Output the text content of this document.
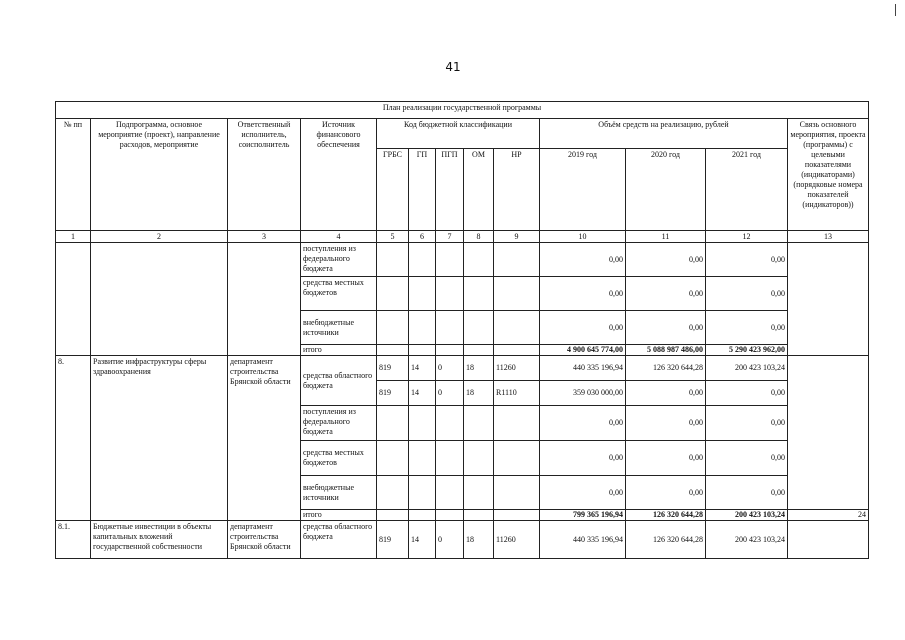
41
План реализации государственной программы												
№ пп	Подпрограмма, основное мероприятие (проект), направление расходов, мероприятие	Ответственный исполнитель, соисполнитель	Источник финансового обеспечения	Код бюджетной классификации					Объём средств на реализацию, рублей			Связь основного мероприятия, проекта (программы) с целевыми показателями (индикаторами) (порядковые номера показателей (индикаторов))
				ГРБС	ГП	ПГП	ОМ	НР	2019 год	2020 год	2021 год	
1	2	3	4	5	6	7	8	9	10	11	12	13
			поступления из федерального бюджета						0,00	0,00	0,00	
			средства местных бюджетов						0,00	0,00	0,00	
			внебюджетные источники						0,00	0,00	0,00	
			итого						4 900 645 774,00	5 088 987 486,00	5 290 423 962,00	
8.	Развитие инфраструктуры сферы здравоохранения	департамент строительства Брянской области	средства областного бюджета	819	14	0	18	11260	440 335 196,94	126 320 644,28	200 423 103,24	
				819	14	0	18	R1110	359 030 000,00	0,00	0,00	
			поступления из федерального бюджета						0,00	0,00	0,00	
			средства местных бюджетов						0,00	0,00	0,00	
			внебюджетные источники						0,00	0,00	0,00	
			итого						799 365 196,94	126 320 644,28	200 423 103,24	24
8.1.	Бюджетные инвестиции в объекты капитальных вложений государственной собственности	департамент строительства Брянской области	средства областного бюджета	819	14	0	18	11260	440 335 196,94	126 320 644,28	200 423 103,24	
